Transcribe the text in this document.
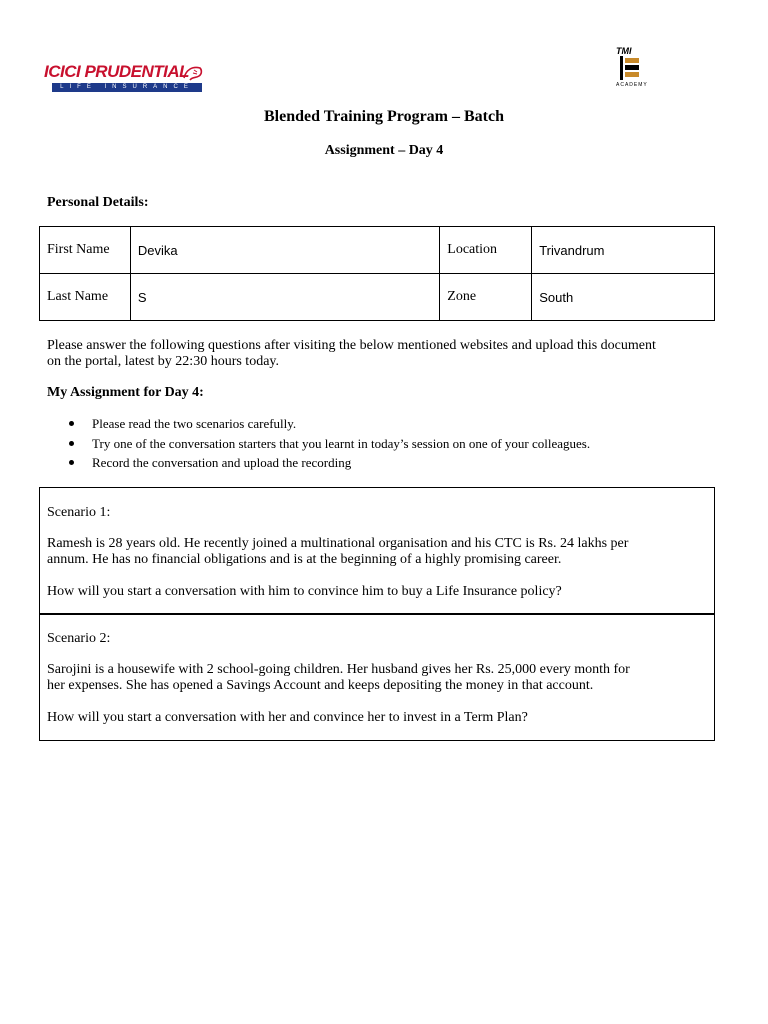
ICICI PRUDENTIAL
LIFE INSURANCE
TMI
ACADEMY
Blended Training Program – Batch
Assignment – Day 4
Personal Details:
First Name	Devika	Location	Trivandrum
Last Name	S	Zone	South
Please answer the following questions after visiting the below mentioned websites and upload this document
on the portal, latest by 22:30 hours today.
My Assignment for Day 4:
Please read the two scenarios carefully.
Try one of the conversation starters that you learnt in today’s session on one of your colleagues.
Record the conversation and upload the recording
Scenario 1:
Ramesh is 28 years old. He recently joined a multinational organisation and his CTC is Rs. 24 lakhs per
annum. He has no financial obligations and is at the beginning of a highly promising career.
How will you start a conversation with him to convince him to buy a Life Insurance policy?
Scenario 2:
Sarojini is a housewife with 2 school-going children. Her husband gives her Rs. 25,000 every month for
her expenses. She has opened a Savings Account and keeps depositing the money in that account.
How will you start a conversation with her and convince her to invest in a Term Plan?
